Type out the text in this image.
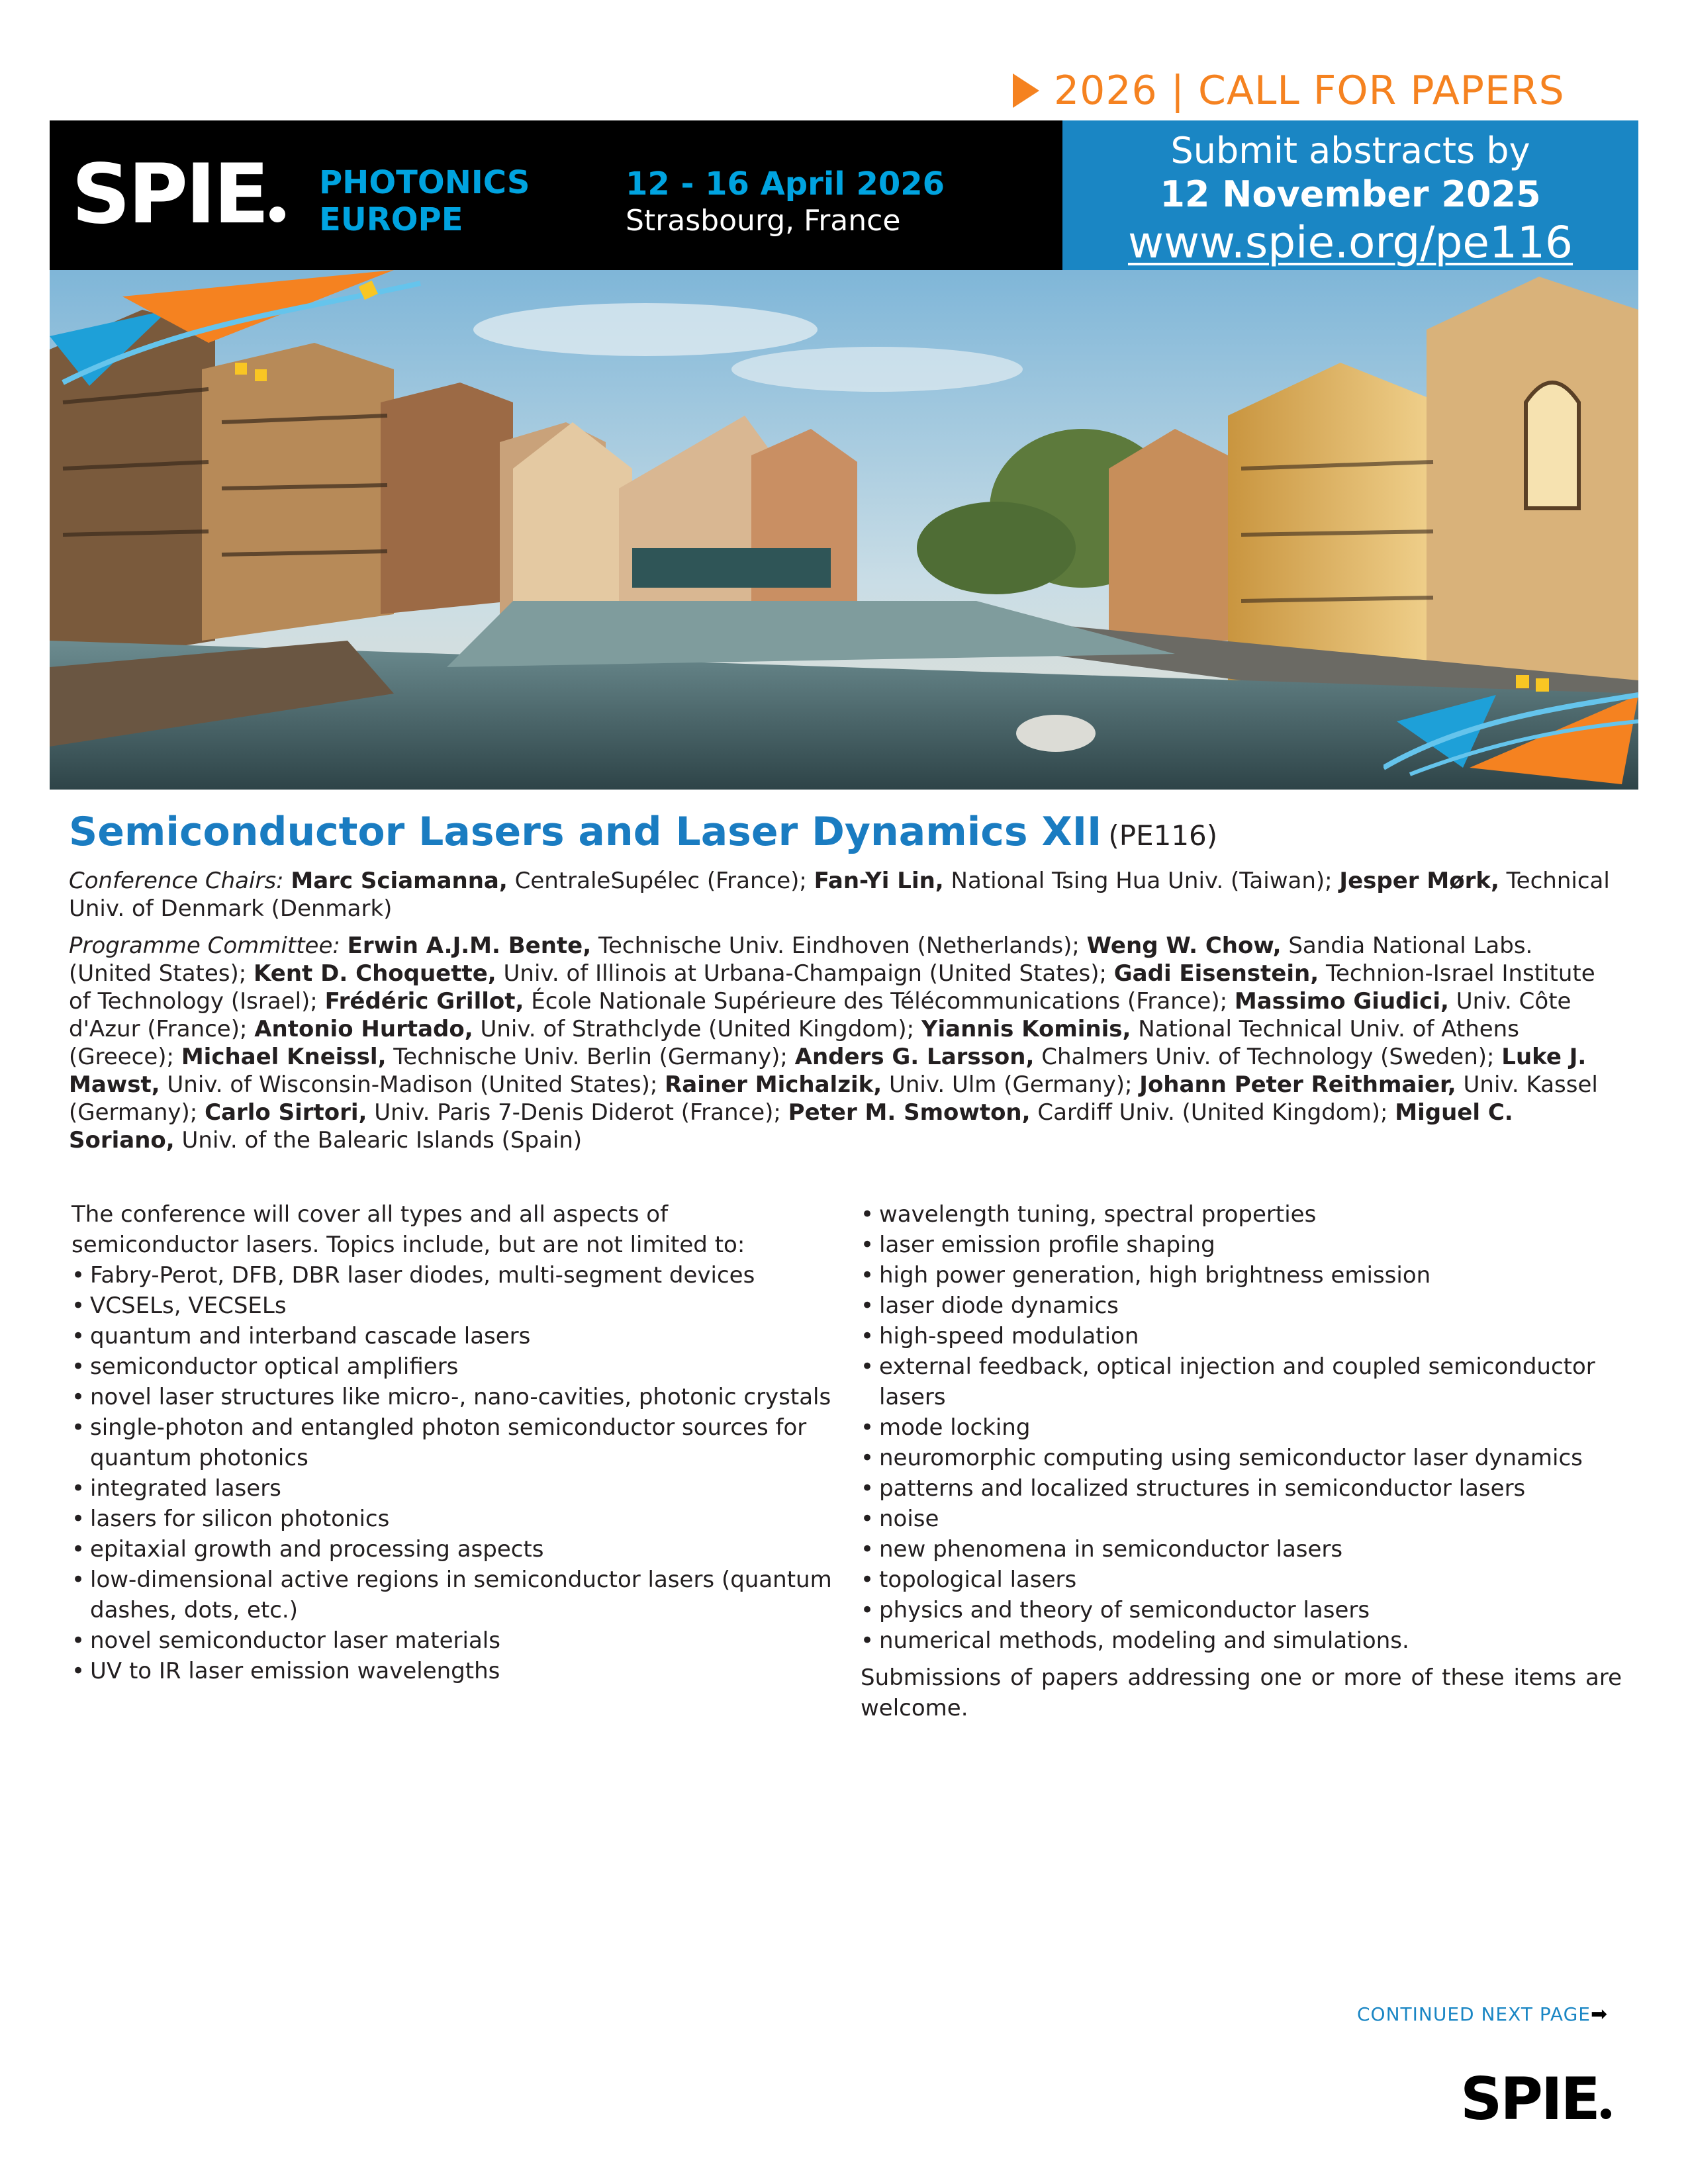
2026 | CALL FOR PAPERS
SPIE	PHOTONICS
EUROPE
12 - 16 April 2026
Strasbourg, France
Submit abstracts by
12 November 2025
www.spie.org/pe116
Semiconductor Lasers and Laser Dynamics XII (PE116)
Conference Chairs: Marc Sciamanna, CentraleSupélec (France); Fan-Yi Lin, National Tsing Hua Univ. (Taiwan); Jesper Mørk, Technical Univ. of Denmark (Denmark)
Programme Committee: Erwin A.J.M. Bente, Technische Univ. Eindhoven (Netherlands); Weng W. Chow, Sandia National Labs. (United States); Kent D. Choquette, Univ. of Illinois at Urbana-Champaign (United States); Gadi Eisenstein, Technion-Israel Institute of Technology (Israel); Frédéric Grillot, École Nationale Supérieure des Télécommunications (France); Massimo Giudici, Univ. Côte d'Azur (France); Antonio Hurtado, Univ. of Strathclyde (United Kingdom); Yiannis Kominis, National Technical Univ. of Athens (Greece); Michael Kneissl, Technische Univ. Berlin (Germany); Anders G. Larsson, Chalmers Univ. of Technology (Sweden); Luke J. Mawst, Univ. of Wisconsin-Madison (United States); Rainer Michalzik, Univ. Ulm (Germany); Johann Peter Reithmaier, Univ. Kassel (Germany); Carlo Sirtori, Univ. Paris 7-Denis Diderot (France); Peter M. Smowton, Cardiff Univ. (United Kingdom); Miguel C. Soriano, Univ. of the Balearic Islands (Spain)

The conference will cover all types and all aspects of semiconductor lasers. Topics include, but are not limited to:

• Fabry-Perot, DFB, DBR laser diodes, multi-segment devices
• VCSELs, VECSELs
• quantum and interband cascade lasers
• semiconductor optical amplifiers
• novel laser structures like micro-, nano-cavities, photonic crystals
• single-photon and entangled photon semiconductor sources for quantum photonics
• integrated lasers
• lasers for silicon photonics
• epitaxial growth and processing aspects
• low-dimensional active regions in semiconductor lasers (quantum dashes, dots, etc.)
• novel semiconductor laser materials
• UV to IR laser emission wavelengths
• wavelength tuning, spectral properties
• laser emission profile shaping
• high power generation, high brightness emission
• laser diode dynamics
• high-speed modulation
• external feedback, optical injection and coupled semiconductor lasers
• mode locking
• neuromorphic computing using semiconductor laser dynamics
• patterns and localized structures in semiconductor lasers
• noise
• new phenomena in semiconductor lasers
• topological lasers
• physics and theory of semiconductor lasers
• numerical methods, modeling and simulations.

Submissions of papers addressing one or more of these items are welcome.

CONTINUED NEXT PAGE➡
SPIE
